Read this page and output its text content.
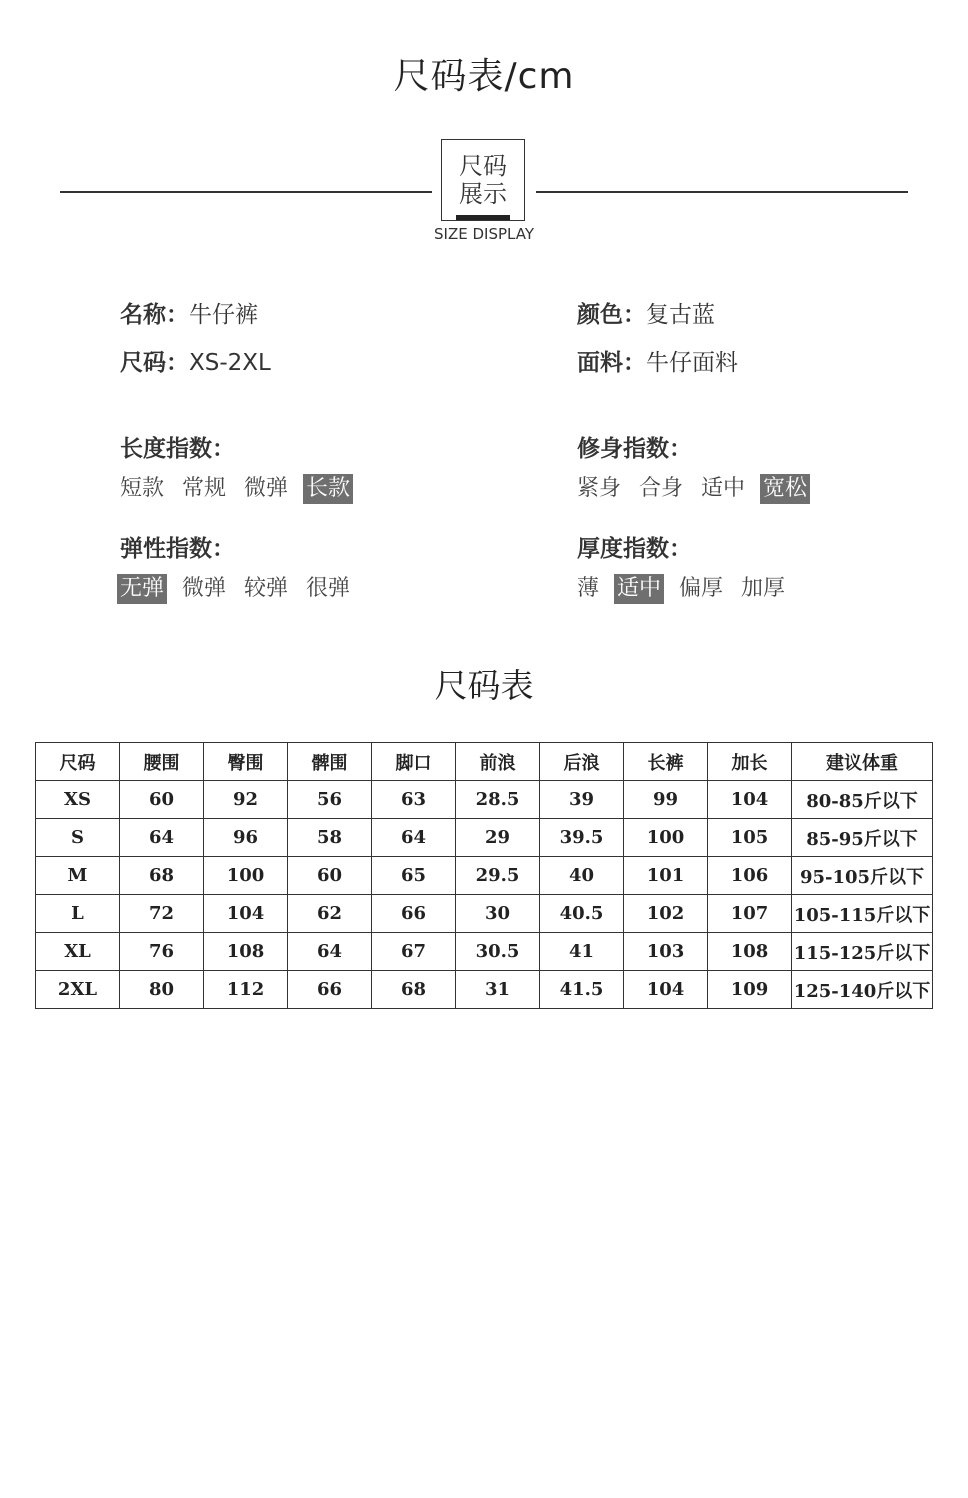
尺码表/cm
尺码
展示
SIZE DISPLAY
名称：牛仔裤	颜色：复古蓝
尺码：XS-2XL	面料：牛仔面料
长度指数：
短款 常规 微弹 长款
修身指数：
紧身 合身 适中 宽松
弹性指数：
无弹 微弹 较弹 很弹
厚度指数：
薄 适中 偏厚 加厚
尺码表
尺码	腰围	臀围	髀围	脚口	前浪	后浪	长裤	加长	建议体重
XS	60	92	56	63	28.5	39	99	104	80-85斤以下
S	64	96	58	64	29	39.5	100	105	85-95斤以下
M	68	100	60	65	29.5	40	101	106	95-105斤以下
L	72	104	62	66	30	40.5	102	107	105-115斤以下
XL	76	108	64	67	30.5	41	103	108	115-125斤以下
2XL	80	112	66	68	31	41.5	104	109	125-140斤以下
